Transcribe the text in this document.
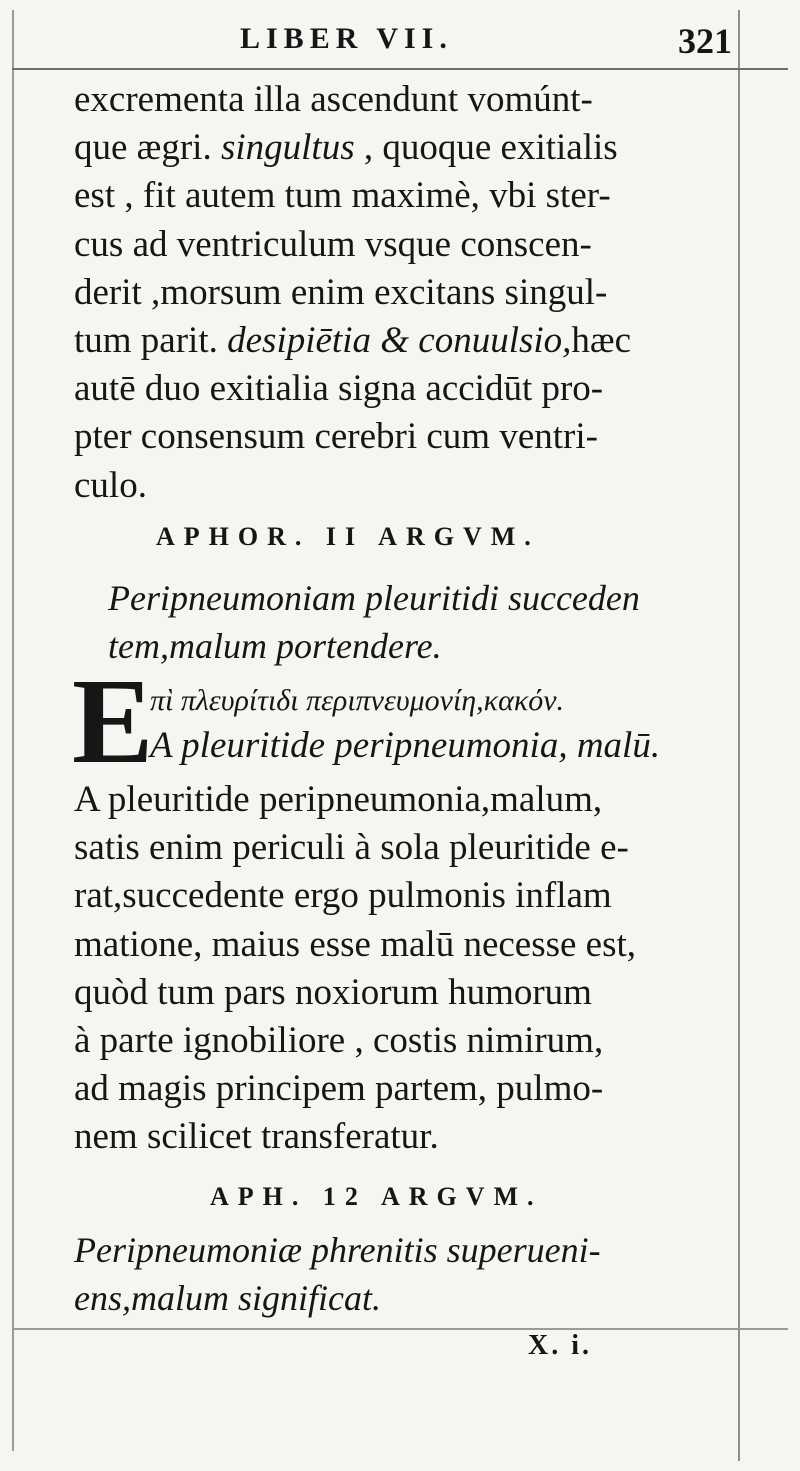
LIBER VII.	321
excrementa illa ascendunt vomúnt-
que ægri. singultus , quoque exitialis
est , fit autem tum maximè, vbi ster-
cus ad ventriculum vsque conscen-
derit ,morsum enim excitans singul-
tum parit. desipiētia & conuulsio,hæc
autē duo exitialia signa accidūt pro-
pter consensum cerebri cum ventri-
culo.
APHOR. II ARGVM.
Peripneumoniam pleuritidi succeden
tem,malum portendere.
E
πὶ πλευρίτιδι περιπνευμονίη,κακόν.
A pleuritide peripneumonia, malū.
A pleuritide peripneumonia,malum,
satis enim periculi à sola pleuritide e-
rat,succedente ergo pulmonis inflam
matione, maius esse malū necesse est,
quòd tum pars noxiorum humorum
à parte ignobiliore , costis nimirum,
ad magis principem partem, pulmo-
nem scilicet transferatur.
APH. 12 ARGVM.
Peripneumoniæ phrenitis superueni-
ens,malum significat.
X. i.
